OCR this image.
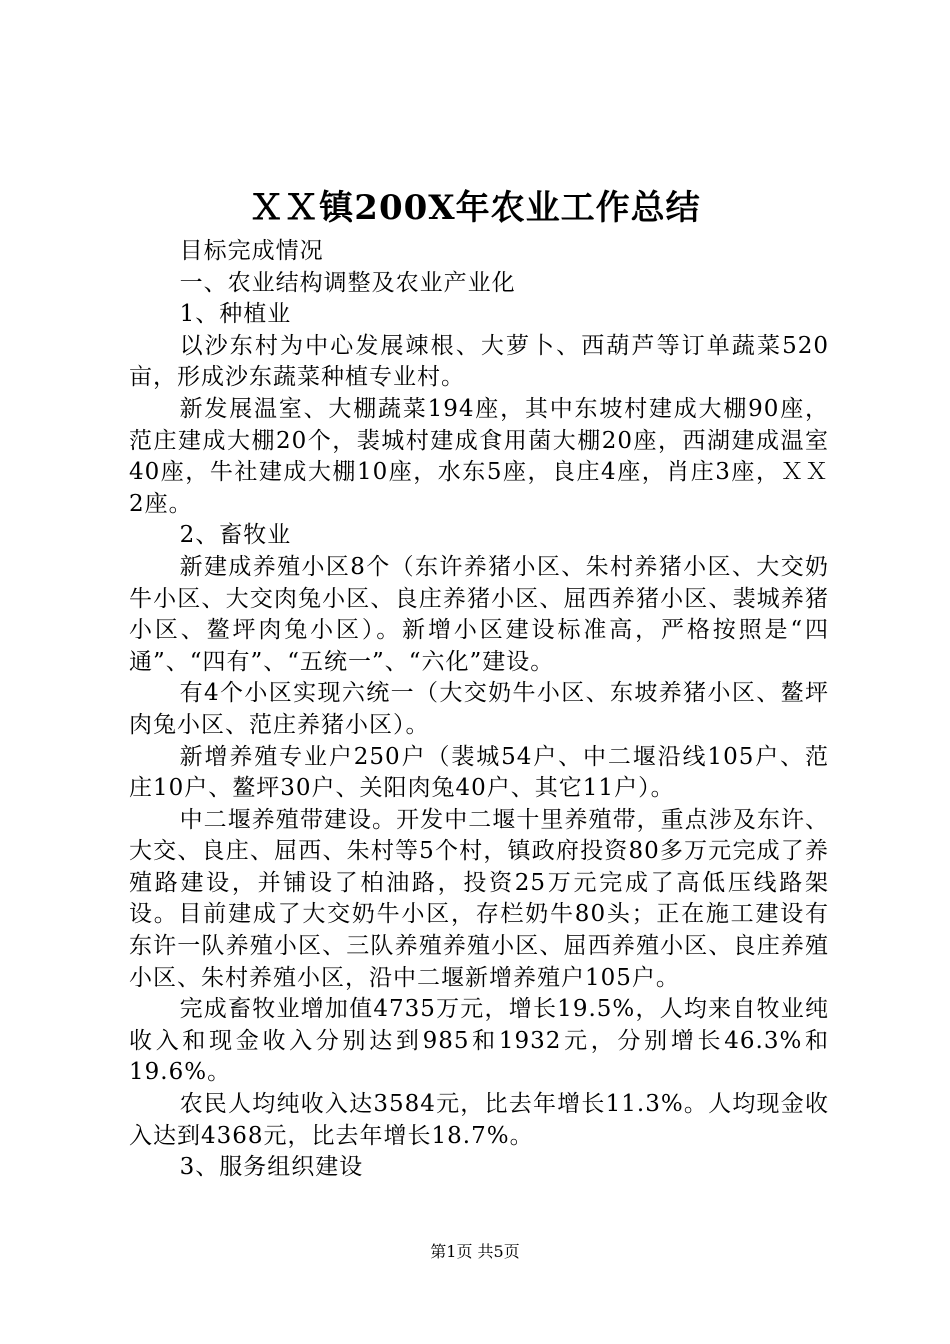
ＸＸ镇200X年农业工作总结

目标完成情况

一、农业结构调整及农业产业化

1、种植业

以沙东村为中心发展竦根、大萝卜、西葫芦等订单蔬菜520亩，形成沙东蔬菜种植专业村。

新发展温室、大棚蔬菜194座，其中东坡村建成大棚90座，范庄建成大棚20个，裴城村建成食用菌大棚20座，西湖建成温室40座，牛社建成大棚10座，水东5座，良庄4座，肖庄3座，ＸＸ2座。

2、畜牧业

新建成养殖小区8个（东许养猪小区、朱村养猪小区、大交奶牛小区、大交肉兔小区、良庄养猪小区、屈西养猪小区、裴城养猪小区、鳌坪肉兔小区）。新增小区建设标准高，严格按照是“四通”、“四有”、“五统一”、“六化”建设。

有4个小区实现六统一（大交奶牛小区、东坡养猪小区、鳌坪肉兔小区、范庄养猪小区）。

新增养殖专业户250户（裴城54户、中二堰沿线105户、范庄10户、鳌坪30户、关阳肉兔40户、其它11户）。

中二堰养殖带建设。开发中二堰十里养殖带，重点涉及东许、大交、良庄、屈西、朱村等5个村，镇政府投资80多万元完成了养殖路建设，并铺设了柏油路，投资25万元完成了高低压线路架设。目前建成了大交奶牛小区，存栏奶牛80头；正在施工建设有东许一队养殖小区、三队养殖养殖小区、屈西养殖小区、良庄养殖小区、朱村养殖小区，沿中二堰新增养殖户105户。

完成畜牧业增加值4735万元，增长19.5%，人均来自牧业纯收入和现金收入分别达到985和1932元，分别增长46.3%和19.6%。

农民人均纯收入达3584元，比去年增长11.3%。人均现金收入达到4368元，比去年增长18.7%。

3、服务组织建设

第1页 共5页
